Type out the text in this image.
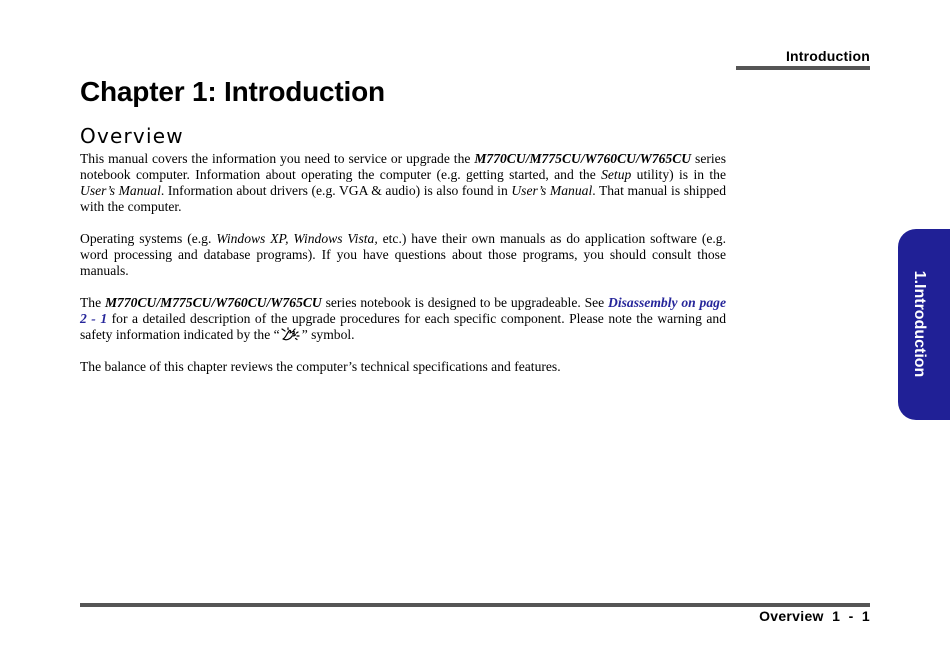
Introduction
Chapter 1: Introduction
Overview

This manual covers the information you need to service or upgrade the M770CU/M775CU/W760CU/W765CU series notebook computer. Information about operating the computer (e.g. getting started, and the Setup utility) is in the User’s Manual. Information about drivers (e.g. VGA & audio) is also found in User’s Manual. That manual is shipped with the computer.

Operating systems (e.g. Windows XP, Windows Vista, etc.) have their own manuals as do application software (e.g. word processing and database programs). If you have questions about those programs, you should consult those manuals.

The M770CU/M775CU/W760CU/W765CU series notebook is designed to be upgradeable. See Disassembly on page 2 - 1 for a detailed description of the upgrade procedures for each specific component. Please note the warning and safety information indicated by the “ ” symbol.

The balance of this chapter reviews the computer’s technical specifications and features.	1.Introduction
Overview  1  -  1
